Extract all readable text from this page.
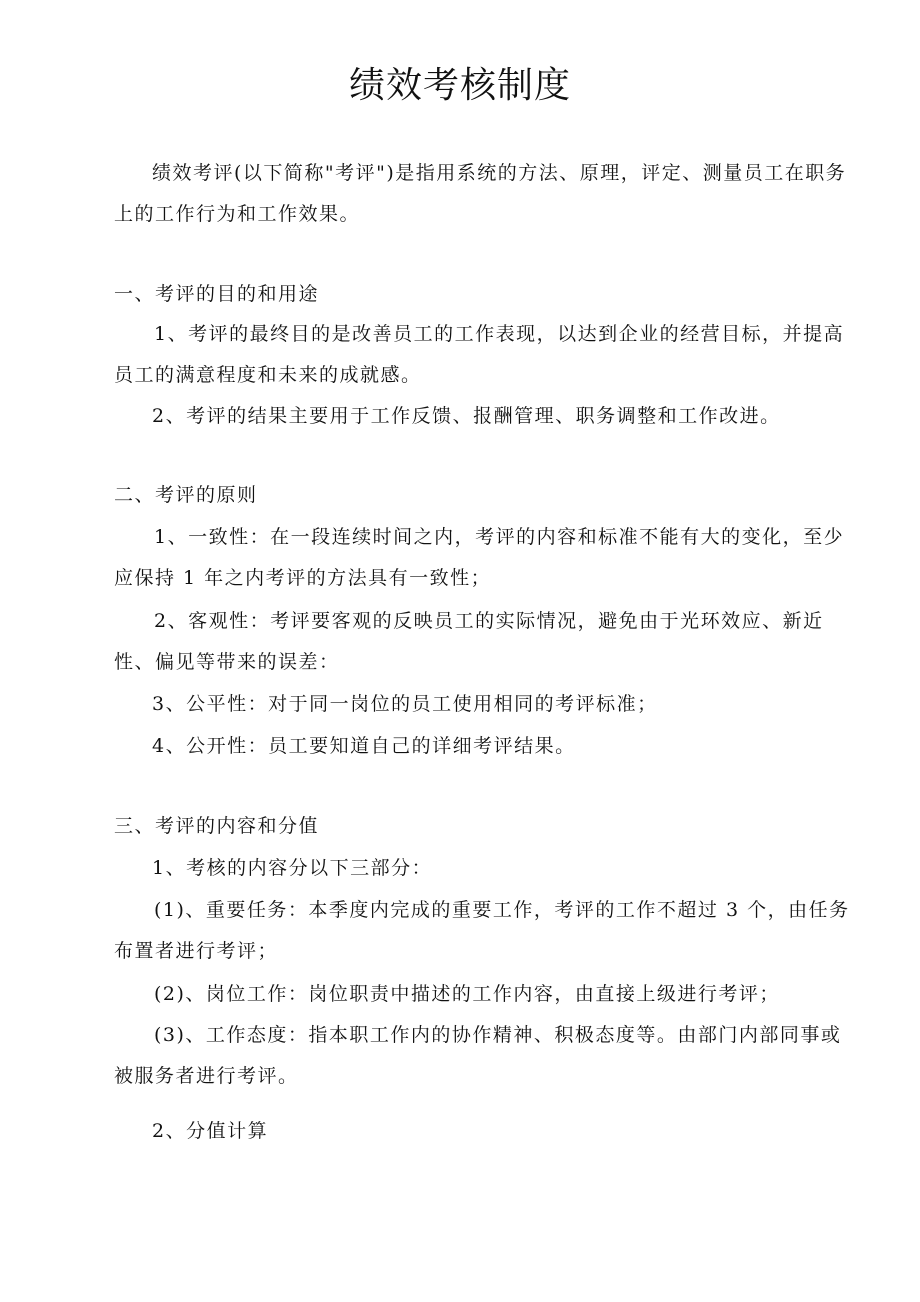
绩效考核制度

绩效考评(以下简称"考评")是指用系统的方法、原理，评定、测量员工在职务上的工作行为和工作效果。

一、考评的目的和用途

1、考评的最终目的是改善员工的工作表现，以达到企业的经营目标，并提高员工的满意程度和未来的成就感。

2、考评的结果主要用于工作反馈、报酬管理、职务调整和工作改进。

二、考评的原则

1、一致性：在一段连续时间之内，考评的内容和标准不能有大的变化，至少应保持 1 年之内考评的方法具有一致性；

2、客观性：考评要客观的反映员工的实际情况，避免由于光环效应、新近性、偏见等带来的误差：

3、公平性：对于同一岗位的员工使用相同的考评标准；

4、公开性：员工要知道自己的详细考评结果。

三、考评的内容和分值

1、考核的内容分以下三部分：

(1)、重要任务：本季度内完成的重要工作，考评的工作不超过 3 个，由任务布置者进行考评；

(2)、岗位工作：岗位职责中描述的工作内容，由直接上级进行考评；

(3)、工作态度：指本职工作内的协作精神、积极态度等。由部门内部同事或被服务者进行考评。

2、分值计算
